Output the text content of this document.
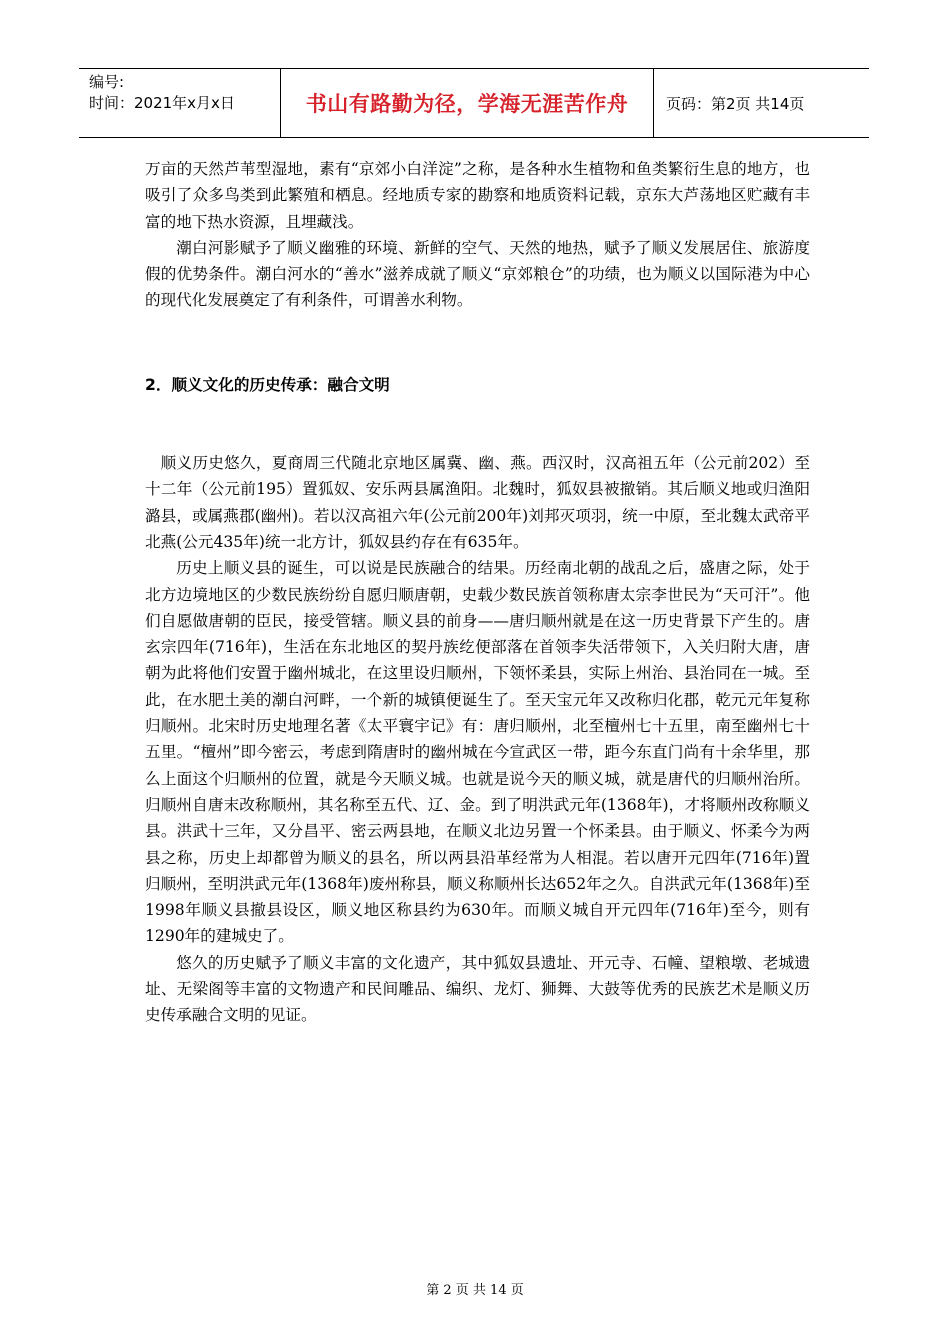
编号:
时间：2021年x月x日	书山有路勤为径，学海无涯苦作舟	页码：第2页 共14页

万亩的天然芦苇型湿地，素有“京郊小白洋淀”之称，是各种水生植物和鱼类繁衍生息的地方，也吸引了众多鸟类到此繁殖和栖息。经地质专家的勘察和地质资料记载，京东大芦荡地区贮藏有丰富的地下热水资源，且埋藏浅。

潮白河影赋予了顺义幽雅的环境、新鲜的空气、天然的地热，赋予了顺义发展居住、旅游度假的优势条件。潮白河水的“善水”滋养成就了顺义“京郊粮仓”的功绩，也为顺义以国际港为中心的现代化发展奠定了有利条件，可谓善水利物。

2．顺义文化的历史传承：融合文明

顺义历史悠久，夏商周三代随北京地区属冀、幽、燕。西汉时，汉高祖五年（公元前202）至十二年（公元前195）置狐奴、安乐两县属渔阳。北魏时，狐奴县被撤销。其后顺义地或归渔阳潞县，或属燕郡(幽州)。若以汉高祖六年(公元前200年)刘邦灭项羽，统一中原，至北魏太武帝平北燕(公元435年)统一北方计，狐奴县约存在有635年。

历史上顺义县的诞生，可以说是民族融合的结果。历经南北朝的战乱之后，盛唐之际，处于北方边境地区的少数民族纷纷自愿归顺唐朝，史载少数民族首领称唐太宗李世民为“天可汗”。他们自愿做唐朝的臣民，接受管辖。顺义县的前身——唐归顺州就是在这一历史背景下产生的。唐玄宗四年(716年)，生活在东北地区的契丹族纥便部落在首领李失活带领下，入关归附大唐，唐朝为此将他们安置于幽州城北，在这里设归顺州，下领怀柔县，实际上州治、县治同在一城。至此，在水肥土美的潮白河畔，一个新的城镇便诞生了。至天宝元年又改称归化郡，乾元元年复称归顺州。北宋时历史地理名著《太平寰宇记》有：唐归顺州，北至檀州七十五里，南至幽州七十五里。“檀州”即今密云，考虑到隋唐时的幽州城在今宣武区一带，距今东直门尚有十余华里，那么上面这个归顺州的位置，就是今天顺义城。也就是说今天的顺义城，就是唐代的归顺州治所。归顺州自唐末改称顺州，其名称至五代、辽、金。到了明洪武元年(1368年)，才将顺州改称顺义县。洪武十三年，又分昌平、密云两县地，在顺义北边另置一个怀柔县。由于顺义、怀柔今为两县之称，历史上却都曾为顺义的县名，所以两县沿革经常为人相混。若以唐开元四年(716年)置归顺州，至明洪武元年(1368年)废州称县，顺义称顺州长达652年之久。自洪武元年(1368年)至1998年顺义县撤县设区，顺义地区称县约为630年。而顺义城自开元四年(716年)至今，则有1290年的建城史了。

悠久的历史赋予了顺义丰富的文化遗产，其中狐奴县遗址、开元寺、石幢、望粮墩、老城遗址、无梁阁等丰富的文物遗产和民间雕品、编织、龙灯、狮舞、大鼓等优秀的民族艺术是顺义历史传承融合文明的见证。

第 2 页 共 14 页
